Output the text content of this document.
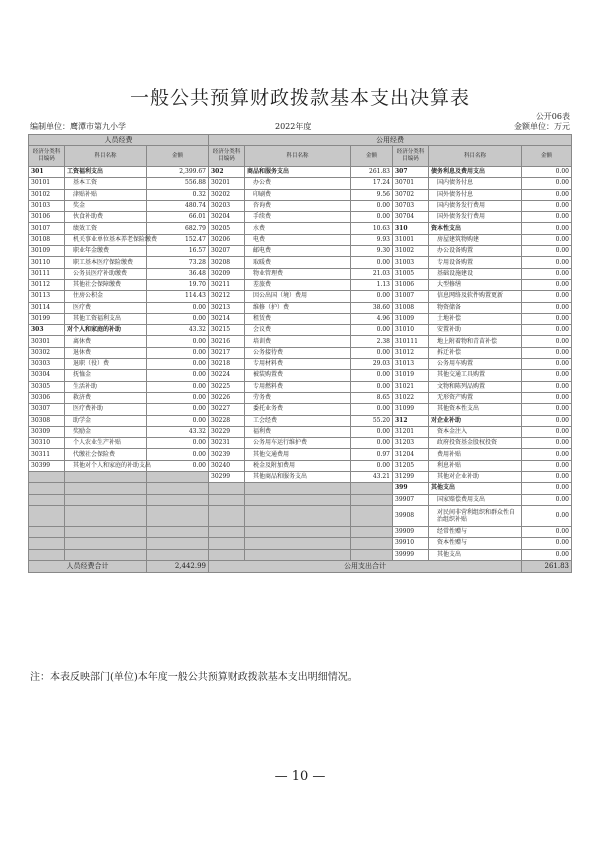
一般公共预算财政拨款基本支出决算表
公开06表
编制单位：鹰潭市第九小学	2022年度	金额单位：万元
人员经费			公用经费					
经济分类科目编码	科目名称	金额	经济分类科目编码	科目名称	金额	经济分类科目编码	科目名称	金额
301	工资福利支出	2,399.67	302	商品和服务支出	261.83	307	债务利息及费用支出	0.00
30101	基本工资	556.88	30201	办公费	17.24	30701	国内债务付息	0.00
30102	津贴补贴	0.32	30202	印刷费	9.56	30702	国外债务付息	0.00
30103	奖金	480.74	30203	咨询费	0.00	30703	国内债务发行费用	0.00
30106	伙食补助费	66.01	30204	手续费	0.00	30704	国外债务发行费用	0.00
30107	绩效工资	682.79	30205	水费	10.63	310	资本性支出	0.00
30108	机关事业单位基本养老保险缴费	152.47	30206	电费	9.93	31001	房屋建筑物购建	0.00
30109	职业年金缴费	16.57	30207	邮电费	9.30	31002	办公设备购置	0.00
30110	职工基本医疗保险缴费	73.28	30208	取暖费	0.00	31003	专用设备购置	0.00
30111	公务员医疗补助缴费	36.48	30209	物业管理费	21.03	31005	基础设施建设	0.00
30112	其他社会保障缴费	19.70	30211	差旅费	1.13	31006	大型修缮	0.00
30113	住房公积金	114.43	30212	因公出国（境）费用	0.00	31007	信息网络及软件购置更新	0.00
30114	医疗费	0.00	30213	维修（护）费	38.60	31008	物资储备	0.00
30199	其他工资福利支出	0.00	30214	租赁费	4.96	31009	土地补偿	0.00
303	对个人和家庭的补助	43.32	30215	会议费	0.00	31010	安置补助	0.00
30301	离休费	0.00	30216	培训费	2.38	310111	地上附着物和青苗补偿	0.00
30302	退休费	0.00	30217	公务接待费	0.00	31012	拆迁补偿	0.00
30303	退职（役）费	0.00	30218	专用材料费	29.03	31013	公务用车购置	0.00
30304	抚恤金	0.00	30224	被装购置费	0.00	31019	其他交通工具购置	0.00
30305	生活补助	0.00	30225	专用燃料费	0.00	31021	文物和陈列品购置	0.00
30306	救济费	0.00	30226	劳务费	8.65	31022	无形资产购置	0.00
30307	医疗费补助	0.00	30227	委托业务费	0.00	31099	其他资本性支出	0.00
30308	助学金	0.00	30228	工会经费	55.20	312	对企业补助	0.00
30309	奖励金	43.32	30229	福利费	0.00	31201	资本金注入	0.00
30310	个人农业生产补贴	0.00	30231	公务用车运行维护费	0.00	31203	政府投资基金股权投资	0.00
30311	代缴社会保险费	0.00	30239	其他交通费用	0.97	31204	费用补贴	0.00
30399	其他对个人和家庭的补助支出	0.00	30240	税金及附加费用	0.00	31205	利息补贴	0.00
			30299	其他商品和服务支出	43.21	31299	其他对企业补助	0.00
						399	其他支出	0.00
						39907	国家赔偿费用支出	0.00
						39908	对民间非营利组织和群众性自治组织补贴	0.00
						39909	经常性赠与	0.00
						39910	资本性赠与	0.00
						39999	其他支出	0.00
人员经费合计		2,442.99	公用支出合计					261.83
注：本表反映部门(单位)本年度一般公共预算财政拨款基本支出明细情况。
— 10 —
